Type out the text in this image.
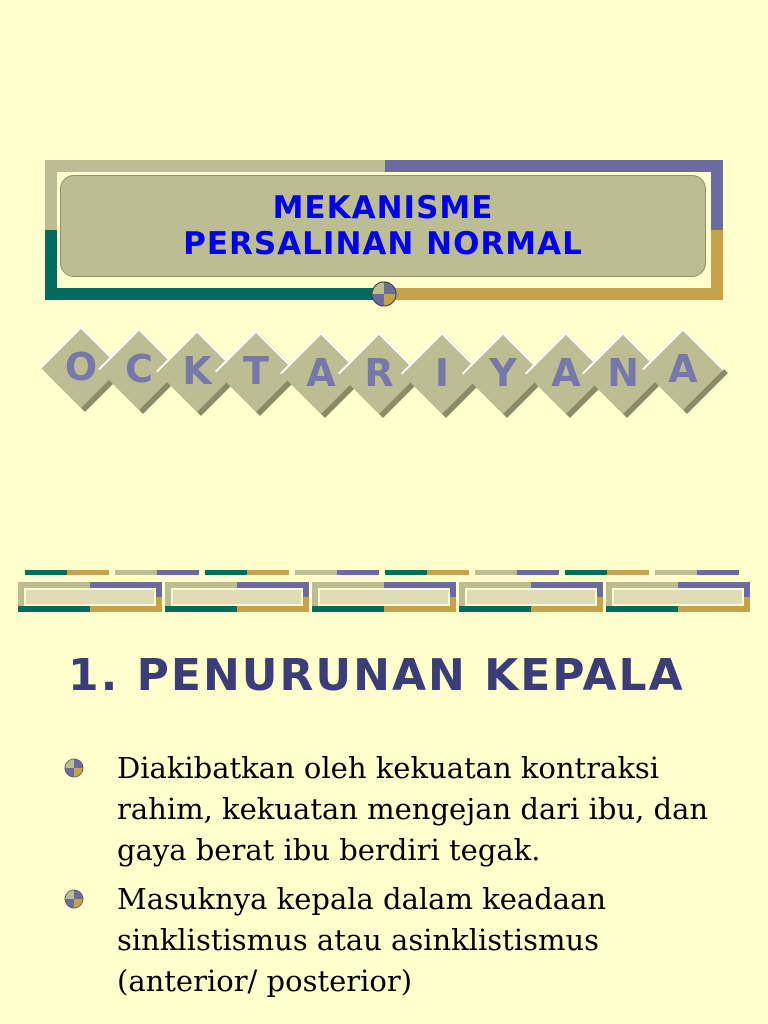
MEKANISME
PERSALINAN NORMAL
O C K T A R	I	Y A N A
1. PENURUNAN KEPALA
Diakibatkan oleh kekuatan kontraksi rahim, kekuatan mengejan dari ibu, dan gaya berat ibu berdiri tegak.
Masuknya kepala dalam keadaan sinklistismus atau asinklistismus (anterior/ posterior)
